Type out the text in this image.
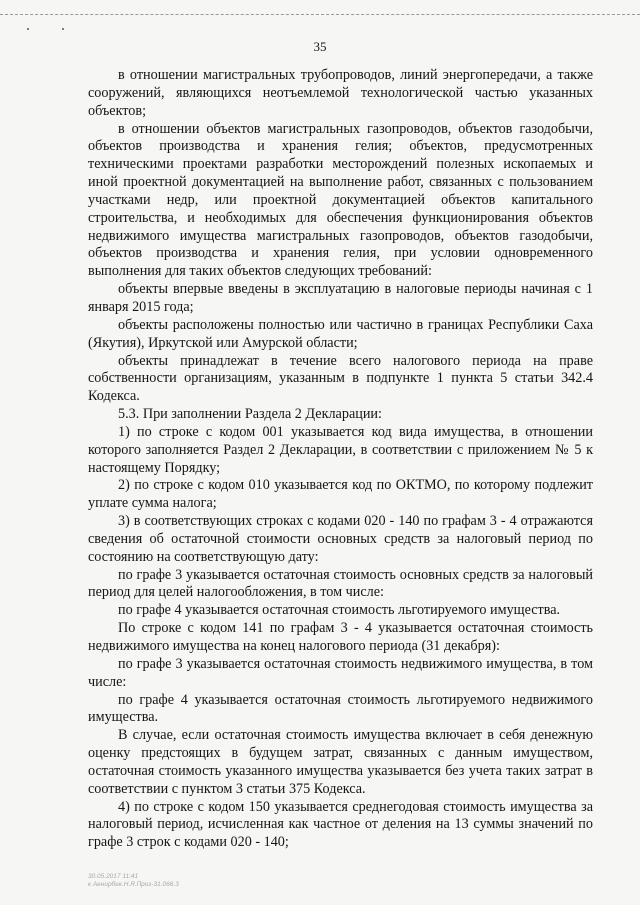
35

в отношении магистральных трубопроводов, линий энергопередачи, а также сооружений, являющихся неотъемлемой технологической частью указанных объектов;

в отношении объектов магистральных газопроводов, объектов газодобычи, объектов производства и хранения гелия; объектов, предусмотренных техническими проектами разработки месторождений полезных ископаемых и иной проектной документацией на выполнение работ, связанных с пользованием участками недр, или проектной документацией объектов капитального строительства, и необходимых для обеспечения функционирования объектов недвижимого имущества магистральных газопроводов, объектов газодобычи, объектов производства и хранения гелия, при условии одновременного выполнения для таких объектов следующих требований:

объекты впервые введены в эксплуатацию в налоговые периоды начиная с 1 января 2015 года;

объекты расположены полностью или частично в границах Республики Саха (Якутия), Иркутской или Амурской области;

объекты принадлежат в течение всего налогового периода на праве собственности организациям, указанным в подпункте 1 пункта 5 статьи 342.4 Кодекса.

5.3. При заполнении Раздела 2 Декларации:

1) по строке с кодом 001 указывается код вида имущества, в отношении которого заполняется Раздел 2 Декларации, в соответствии с приложением № 5 к настоящему Порядку;

2) по строке с кодом 010 указывается код по ОКТМО, по которому подлежит уплате сумма налога;

3) в соответствующих строках с кодами 020 - 140 по графам 3 - 4 отражаются сведения об остаточной стоимости основных средств за налоговый период по состоянию на соответствующую дату:

по графе 3 указывается остаточная стоимость основных средств за налоговый период для целей налогообложения, в том числе:

по графе 4 указывается остаточная стоимость льготируемого имущества.

По строке с кодом 141 по графам 3 - 4 указывается остаточная стоимость недвижимого имущества на конец налогового периода (31 декабря):

по графе 3 указывается остаточная стоимость недвижимого имущества, в том числе:

по графе 4 указывается остаточная стоимость льготируемого недвижимого имущества.

В случае, если остаточная стоимость имущества включает в себя денежную оценку предстоящих в будущем затрат, связанных с данным имуществом, остаточная стоимость указанного имущества указывается без учета таких затрат в соответствии с пунктом 3 статьи 375 Кодекса.

4) по строке с кодом 150 указывается среднегодовая стоимость имущества за налоговый период, исчисленная как частное от деления на 13 суммы значений по графе 3 строк с кодами 020 - 140;

30.05.2017 11:41
к Аенирбек.Н.Я.Проз-31.066.3
